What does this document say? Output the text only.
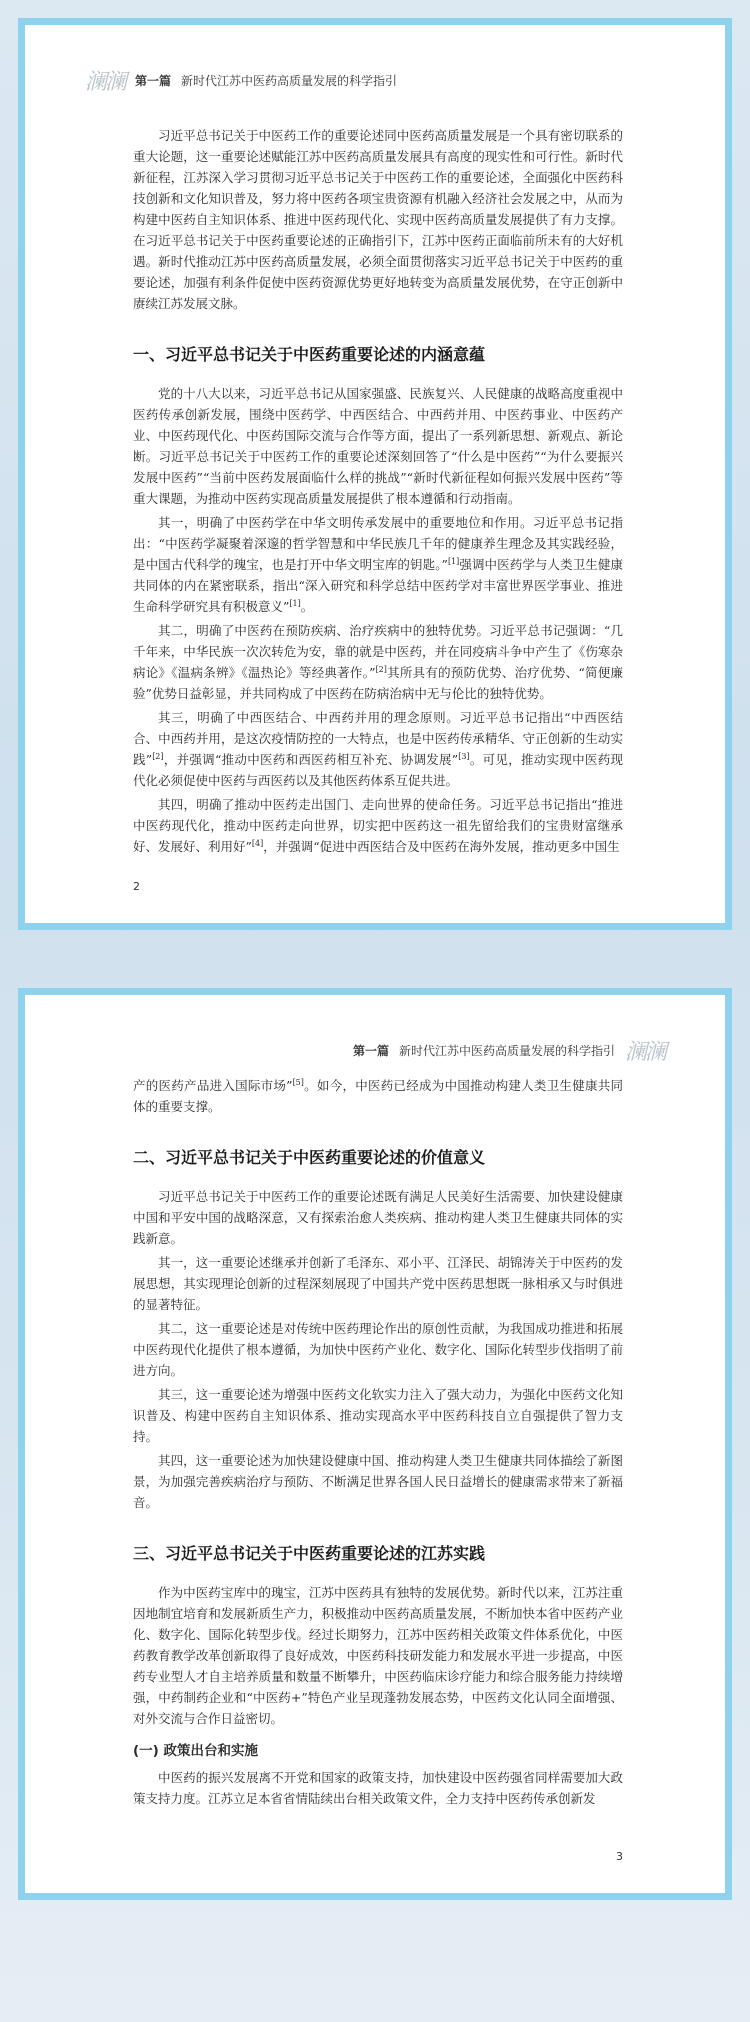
澜澜 第一篇 新时代江苏中医药高质量发展的科学指引

习近平总书记关于中医药工作的重要论述同中医药高质量发展是一个具有密切联系的重大论题，这一重要论述赋能江苏中医药高质量发展具有高度的现实性和可行性。新时代新征程，江苏深入学习贯彻习近平总书记关于中医药工作的重要论述，全面强化中医药科技创新和文化知识普及，努力将中医药各项宝贵资源有机融入经济社会发展之中，从而为构建中医药自主知识体系、推进中医药现代化、实现中医药高质量发展提供了有力支撑。在习近平总书记关于中医药重要论述的正确指引下，江苏中医药正面临前所未有的大好机遇。新时代推动江苏中医药高质量发展，必须全面贯彻落实习近平总书记关于中医药的重要论述，加强有利条件促使中医药资源优势更好地转变为高质量发展优势，在守正创新中赓续江苏发展文脉。

一、习近平总书记关于中医药重要论述的内涵意蕴

党的十八大以来，习近平总书记从国家强盛、民族复兴、人民健康的战略高度重视中医药传承创新发展，围绕中医药学、中西医结合、中西药并用、中医药事业、中医药产业、中医药现代化、中医药国际交流与合作等方面，提出了一系列新思想、新观点、新论断。习近平总书记关于中医药工作的重要论述深刻回答了“什么是中医药”“为什么要振兴发展中医药”“当前中医药发展面临什么样的挑战”“新时代新征程如何振兴发展中医药”等重大课题，为推动中医药实现高质量发展提供了根本遵循和行动指南。

其一，明确了中医药学在中华文明传承发展中的重要地位和作用。习近平总书记指出：“中医药学凝聚着深邃的哲学智慧和中华民族几千年的健康养生理念及其实践经验，是中国古代科学的瑰宝，也是打开中华文明宝库的钥匙。”[1]强调中医药学与人类卫生健康共同体的内在紧密联系，指出“深入研究和科学总结中医药学对丰富世界医学事业、推进生命科学研究具有积极意义”[1]。

其二，明确了中医药在预防疾病、治疗疾病中的独特优势。习近平总书记强调：“几千年来，中华民族一次次转危为安，靠的就是中医药，并在同疫病斗争中产生了《伤寒杂病论》《温病条辨》《温热论》等经典著作。”[2]其所具有的预防优势、治疗优势、“简便廉验”优势日益彰显，并共同构成了中医药在防病治病中无与伦比的独特优势。

其三，明确了中西医结合、中西药并用的理念原则。习近平总书记指出“中西医结合、中西药并用，是这次疫情防控的一大特点，也是中医药传承精华、守正创新的生动实践”[2]，并强调“推动中医药和西医药相互补充、协调发展”[3]。可见，推动实现中医药现代化必须促使中医药与西医药以及其他医药体系互促共进。

其四，明确了推动中医药走出国门、走向世界的使命任务。习近平总书记指出“推进中医药现代化，推动中医药走向世界，切实把中医药这一祖先留给我们的宝贵财富继承好、发展好、利用好”[4]，并强调“促进中西医结合及中医药在海外发展，推动更多中国生

2
第一篇 新时代江苏中医药高质量发展的科学指引 澜澜

产的医药产品进入国际市场”[5]。如今，中医药已经成为中国推动构建人类卫生健康共同体的重要支撑。

二、习近平总书记关于中医药重要论述的价值意义

习近平总书记关于中医药工作的重要论述既有满足人民美好生活需要、加快建设健康中国和平安中国的战略深意，又有探索治愈人类疾病、推动构建人类卫生健康共同体的实践新意。

其一，这一重要论述继承并创新了毛泽东、邓小平、江泽民、胡锦涛关于中医药的发展思想，其实现理论创新的过程深刻展现了中国共产党中医药思想既一脉相承又与时俱进的显著特征。

其二，这一重要论述是对传统中医药理论作出的原创性贡献，为我国成功推进和拓展中医药现代化提供了根本遵循，为加快中医药产业化、数字化、国际化转型步伐指明了前进方向。

其三，这一重要论述为增强中医药文化软实力注入了强大动力，为强化中医药文化知识普及、构建中医药自主知识体系、推动实现高水平中医药科技自立自强提供了智力支持。

其四，这一重要论述为加快建设健康中国、推动构建人类卫生健康共同体描绘了新图景，为加强完善疾病治疗与预防、不断满足世界各国人民日益增长的健康需求带来了新福音。

三、习近平总书记关于中医药重要论述的江苏实践

作为中医药宝库中的瑰宝，江苏中医药具有独特的发展优势。新时代以来，江苏注重因地制宜培育和发展新质生产力，积极推动中医药高质量发展，不断加快本省中医药产业化、数字化、国际化转型步伐。经过长期努力，江苏中医药相关政策文件体系优化，中医药教育教学改革创新取得了良好成效，中医药科技研发能力和发展水平进一步提高，中医药专业型人才自主培养质量和数量不断攀升，中医药临床诊疗能力和综合服务能力持续增强，中药制药企业和“中医药+”特色产业呈现蓬勃发展态势，中医药文化认同全面增强、对外交流与合作日益密切。

(一) 政策出台和实施

中医药的振兴发展离不开党和国家的政策支持，加快建设中医药强省同样需要加大政策支持力度。江苏立足本省省情陆续出台相关政策文件，全力支持中医药传承创新发

3
